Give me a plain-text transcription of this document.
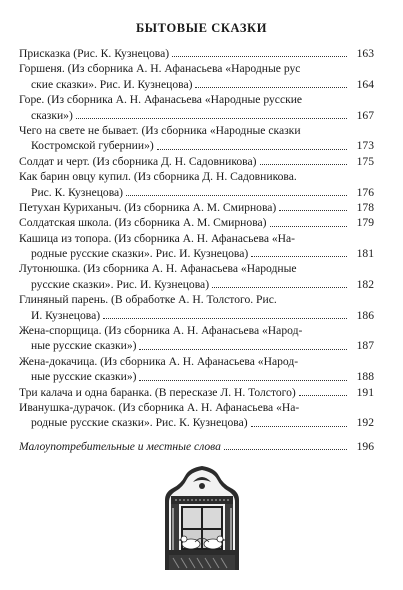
БЫТОВЫЕ СКАЗКИ
Присказка (Рис. К. Кузнецова)	163
Горшеня. (Из сборника А. Н. Афанасьева «Народные рус
ские сказки». Рис. И. Кузнецова)	164
Горе. (Из сборника А. Н. Афанасьева «Народные русские
сказки»)	167
Чего на свете не бывает. (Из сборника «Народные сказки
Костромской губернии»)	173
Солдат и черт. (Из сборника Д. Н. Садовникова)	175
Как барин овцу купил. (Из сборника Д. Н. Садовникова.
Рис. К. Кузнецова)	176
Петухан Куриханыч. (Из сборника А. М. Смирнова)	178
Солдатская школа. (Из сборника А. М. Смирнова)	179
Кашица из топора. (Из сборника А. Н. Афанасьева «На-
родные русские сказки». Рис. И. Кузнецова)	181
Лутонюшка. (Из сборника А. Н. Афанасьева «Народные
русские сказки». Рис. И. Кузнецова)	182
Глиняный парень. (В обработке А. Н. Толстого. Рис.
И. Кузнецова)	186
Жена-спорщица. (Из сборника А. Н. Афанасьева «Народ-
ные русские сказки»)	187
Жена-докачица. (Из сборника А. Н. Афанасьева «Народ-
ные русские сказки»)	188
Три калача и одна баранка. (В пересказе Л. Н. Толстого)	191
Иванушка-дурачок. (Из сборника А. Н. Афанасьева «На-
родные русские сказки». Рис. К. Кузнецова)	192
Малоупотребительные и местные слова	196
